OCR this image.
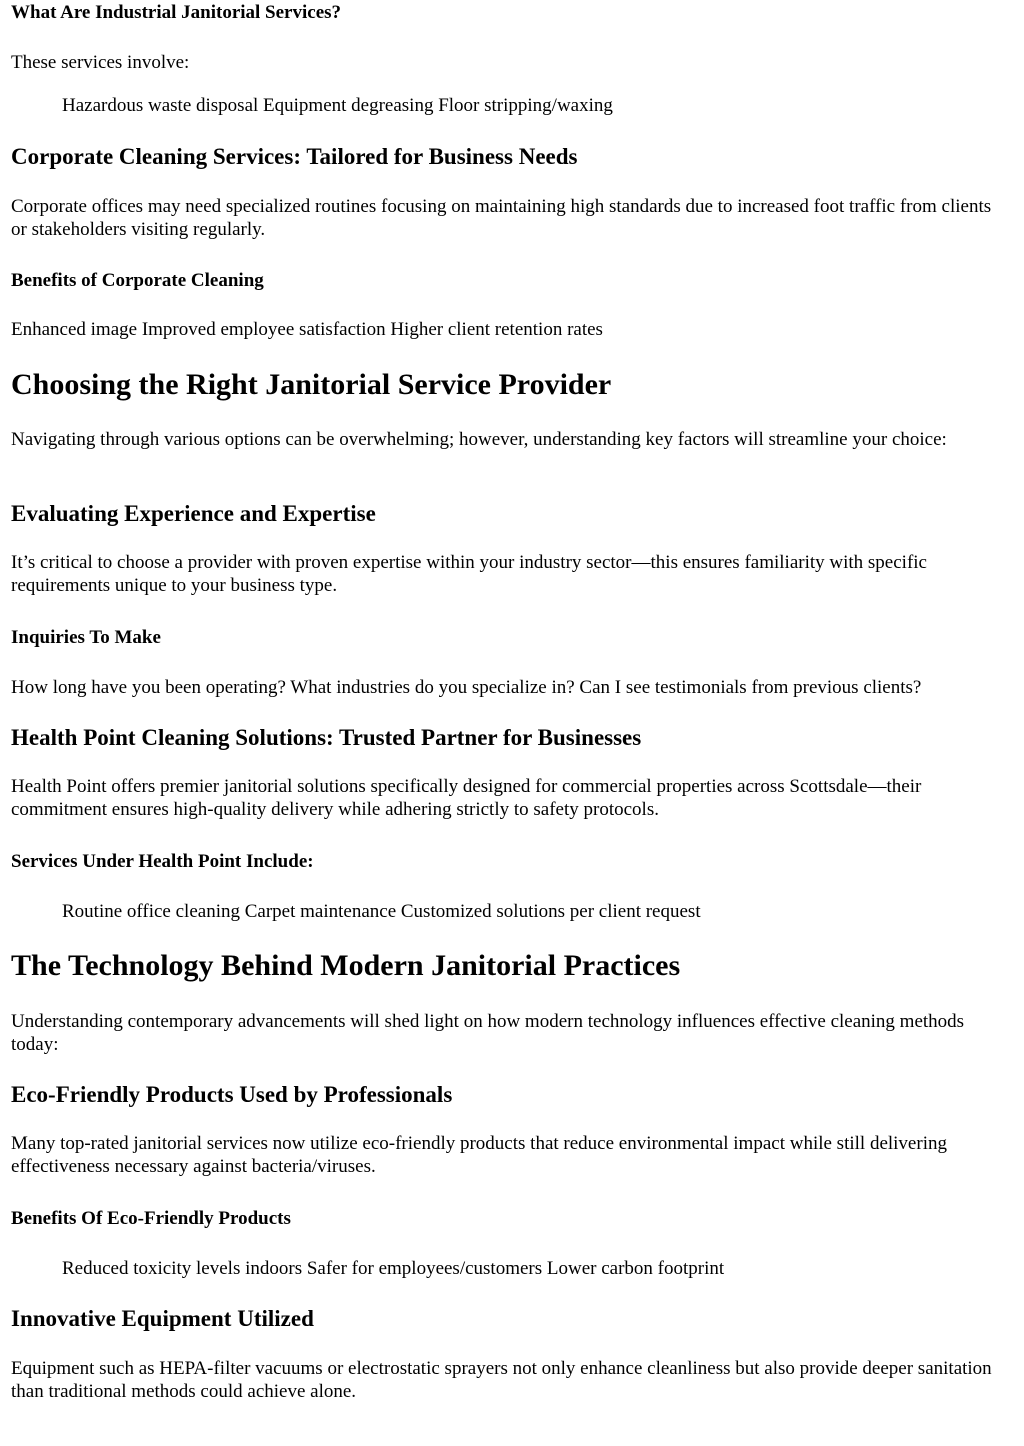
What Are Industrial Janitorial Services?
These services involve:
Hazardous waste disposal Equipment degreasing Floor stripping/waxing
Corporate Cleaning Services: Tailored for Business Needs
Corporate offices may need specialized routines focusing on maintaining high standards due to increased foot traffic from clients or stakeholders visiting regularly.
Benefits of Corporate Cleaning
Enhanced image Improved employee satisfaction Higher client retention rates
Choosing the Right Janitorial Service Provider
Navigating through various options can be overwhelming; however, understanding key factors will streamline your choice:
Evaluating Experience and Expertise
It’s critical to choose a provider with proven expertise within your industry sector—this ensures familiarity with specific requirements unique to your business type.
Inquiries To Make
How long have you been operating? What industries do you specialize in? Can I see testimonials from previous clients?
Health Point Cleaning Solutions: Trusted Partner for Businesses
Health Point offers premier janitorial solutions specifically designed for commercial properties across Scottsdale—their commitment ensures high-quality delivery while adhering strictly to safety protocols.
Services Under Health Point Include:
Routine office cleaning Carpet maintenance Customized solutions per client request
The Technology Behind Modern Janitorial Practices
Understanding contemporary advancements will shed light on how modern technology influences effective cleaning methods today:
Eco-Friendly Products Used by Professionals
Many top-rated janitorial services now utilize eco-friendly products that reduce environmental impact while still delivering effectiveness necessary against bacteria/viruses.
Benefits Of Eco-Friendly Products
Reduced toxicity levels indoors Safer for employees/customers Lower carbon footprint
Innovative Equipment Utilized
Equipment such as HEPA-filter vacuums or electrostatic sprayers not only enhance cleanliness but also provide deeper sanitation than traditional methods could achieve alone.
